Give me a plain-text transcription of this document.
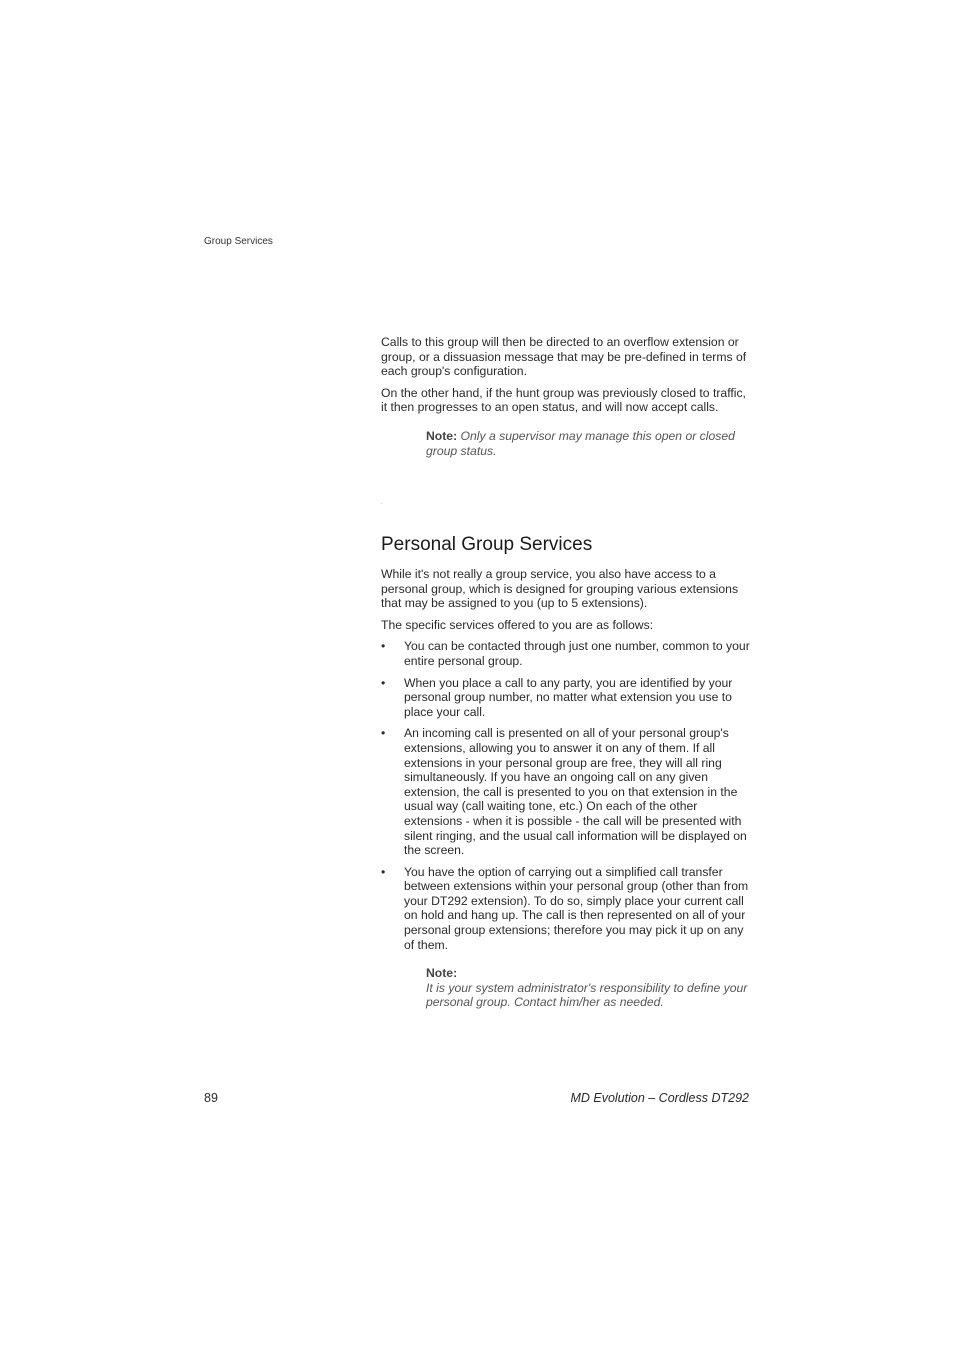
Group Services

Calls to this group will then be directed to an overflow extension or group, or a dissuasion message that may be pre-defined in terms of each group's configuration.

On the other hand, if the hunt group was previously closed to traffic, it then progresses to an open status, and will now accept calls.

Note: Only a supervisor may manage this open or closed group status.
.
Personal Group Services

While it's not really a group service, you also have access to a personal group, which is designed for grouping various extensions that may be assigned to you (up to 5 extensions).

The specific services offered to you are as follows:

• You can be contacted through just one number, common to your entire personal group.
• When you place a call to any party, you are identified by your personal group number, no matter what extension you use to place your call.
• An incoming call is presented on all of your personal group's extensions, allowing you to answer it on any of them. If all extensions in your personal group are free, they will all ring simultaneously. If you have an ongoing call on any given extension, the call is presented to you on that extension in the usual way (call waiting tone, etc.) On each of the other extensions - when it is possible - the call will be presented with silent ringing, and the usual call information will be displayed on the screen.
• You have the option of carrying out a simplified call transfer between extensions within your personal group (other than from your DT292 extension). To do so, simply place your current call on hold and hang up. The call is then represented on all of your personal group extensions; therefore you may pick it up on any of them.
Note:
It is your system administrator's responsibility to define your personal group. Contact him/her as needed.
89	MD Evolution – Cordless DT292
